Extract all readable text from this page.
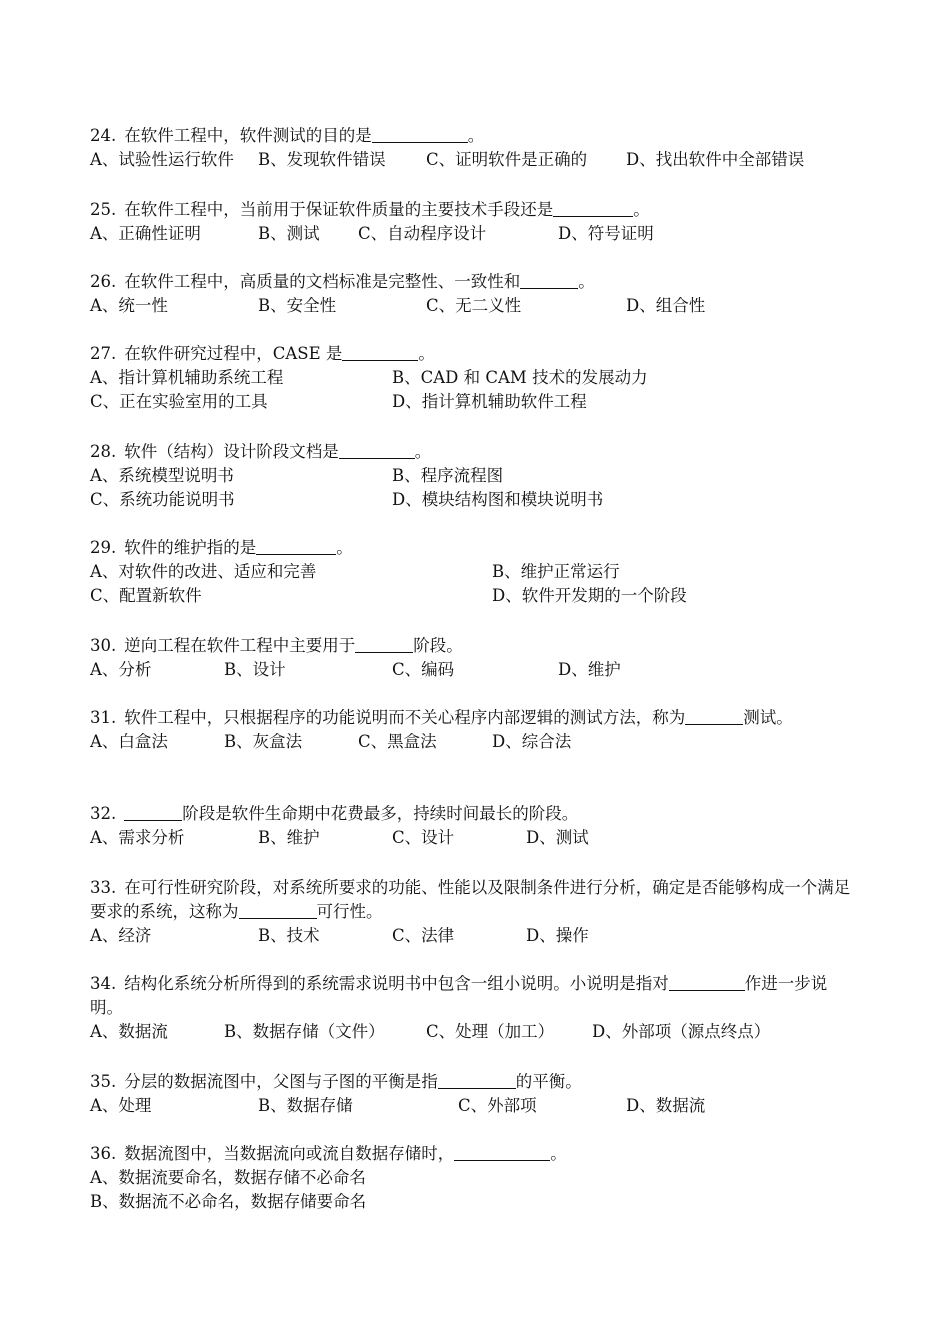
24. 在软件工程中，软件测试的目的是	。
A、试验性运行软件 B、发现软件错误 C、证明软件是正确的 D、找出软件中全部错误
25. 在软件工程中，当前用于保证软件质量的主要技术手段还是	。
A、正确性证明	B、测试 C、自动程序设计	D、符号证明
26. 在软件工程中，高质量的文档标准是完整性、一致性和	。
A、统一性	B、安全性	C、无二义性	D、组合性
27. 在软件研究过程中，CASE 是	。
A、指计算机辅助系统工程	B、CAD 和 CAM 技术的发展动力
C、正在实验室用的工具	D、指计算机辅助软件工程
28. 软件（结构）设计阶段文档是	。
A、系统模型说明书	B、程序流程图
C、系统功能说明书	D、模块结构图和模块说明书
29. 软件的维护指的是	。
A、对软件的改进、适应和完善	B、维护正常运行
C、配置新软件	D、软件开发期的一个阶段
30. 逆向工程在软件工程中主要用于	阶段。
A、分析	B、设计	C、编码	D、维护
31. 软件工程中，只根据程序的功能说明而不关心程序内部逻辑的测试方法，称为	测试。
A、白盒法	B、灰盒法	C、黑盒法	D、综合法
32.	阶段是软件生命期中花费最多，持续时间最长的阶段。
A、需求分析	B、维护	C、设计	D、测试
33. 在可行性研究阶段，对系统所要求的功能、性能以及限制条件进行分析，确定是否能够构成一个满足要求的系统，这称为	可行性。
A、经济	B、技术	C、法律	D、操作
34. 结构化系统分析所得到的系统需求说明书中包含一组小说明。小说明是指对	作进一步说明。
A、数据流	B、数据存储（文件）	C、处理（加工） D、外部项（源点终点）
35. 分层的数据流图中，父图与子图的平衡是指	的平衡。
A、处理	B、数据存储	C、外部项	D、数据流
36. 数据流图中，当数据流向或流自数据存储时，	。
A、数据流要命名，数据存储不必命名
B、数据流不必命名，数据存储要命名
